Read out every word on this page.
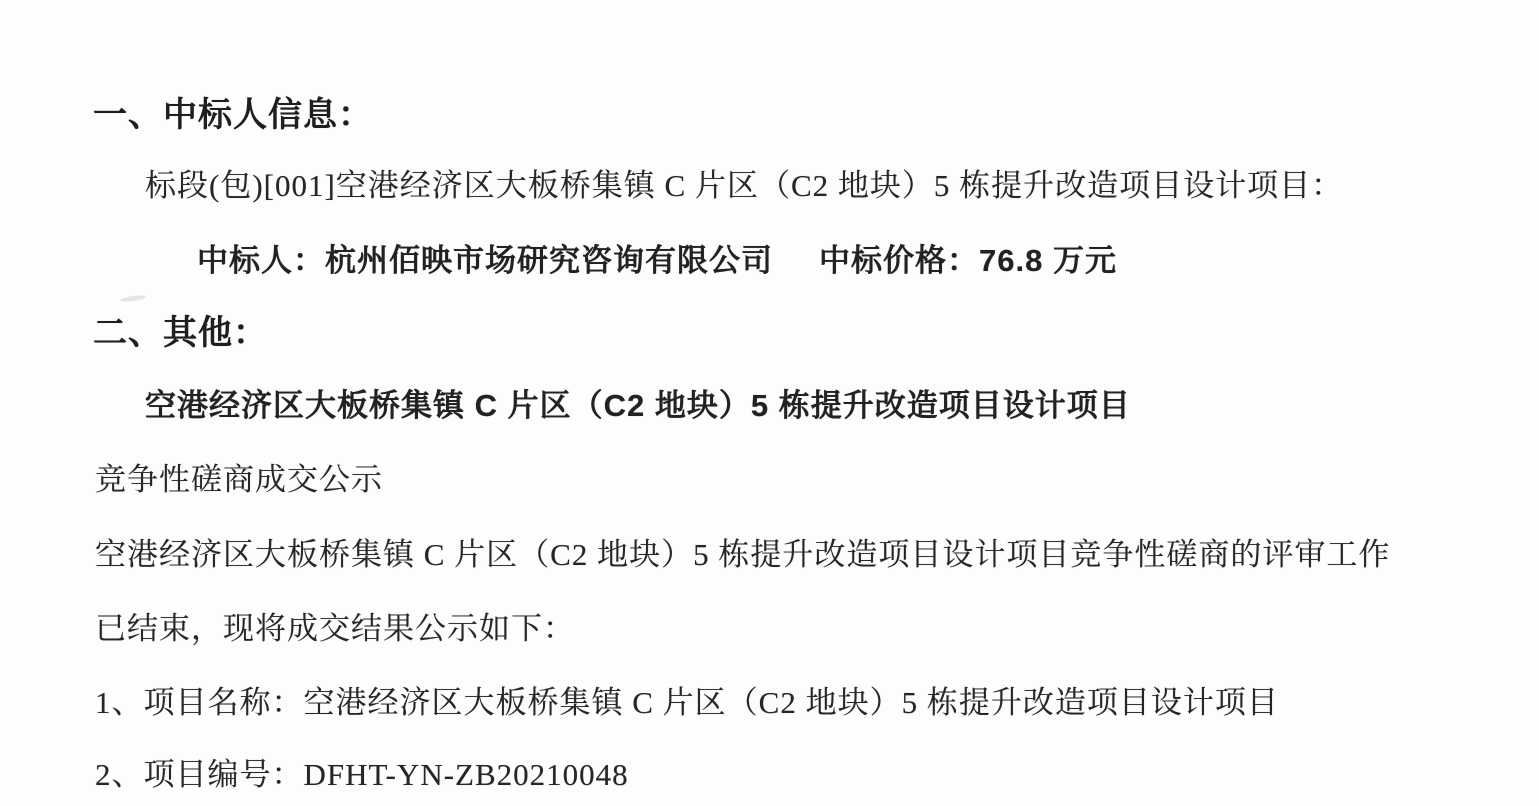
一、中标人信息：
标段(包)[001]空港经济区大板桥集镇 C 片区（C2 地块）5 栋提升改造项目设计项目：
中标人：杭州佰映市场研究咨询有限公司 中标价格：76.8 万元
二、其他：
空港经济区大板桥集镇 C 片区（C2 地块）5 栋提升改造项目设计项目
竞争性磋商成交公示
空港经济区大板桥集镇 C 片区（C2 地块）5 栋提升改造项目设计项目竞争性磋商的评审工作
已结束，现将成交结果公示如下：
1、项目名称：空港经济区大板桥集镇 C 片区（C2 地块）5 栋提升改造项目设计项目
2、项目编号：DFHT-YN-ZB20210048
